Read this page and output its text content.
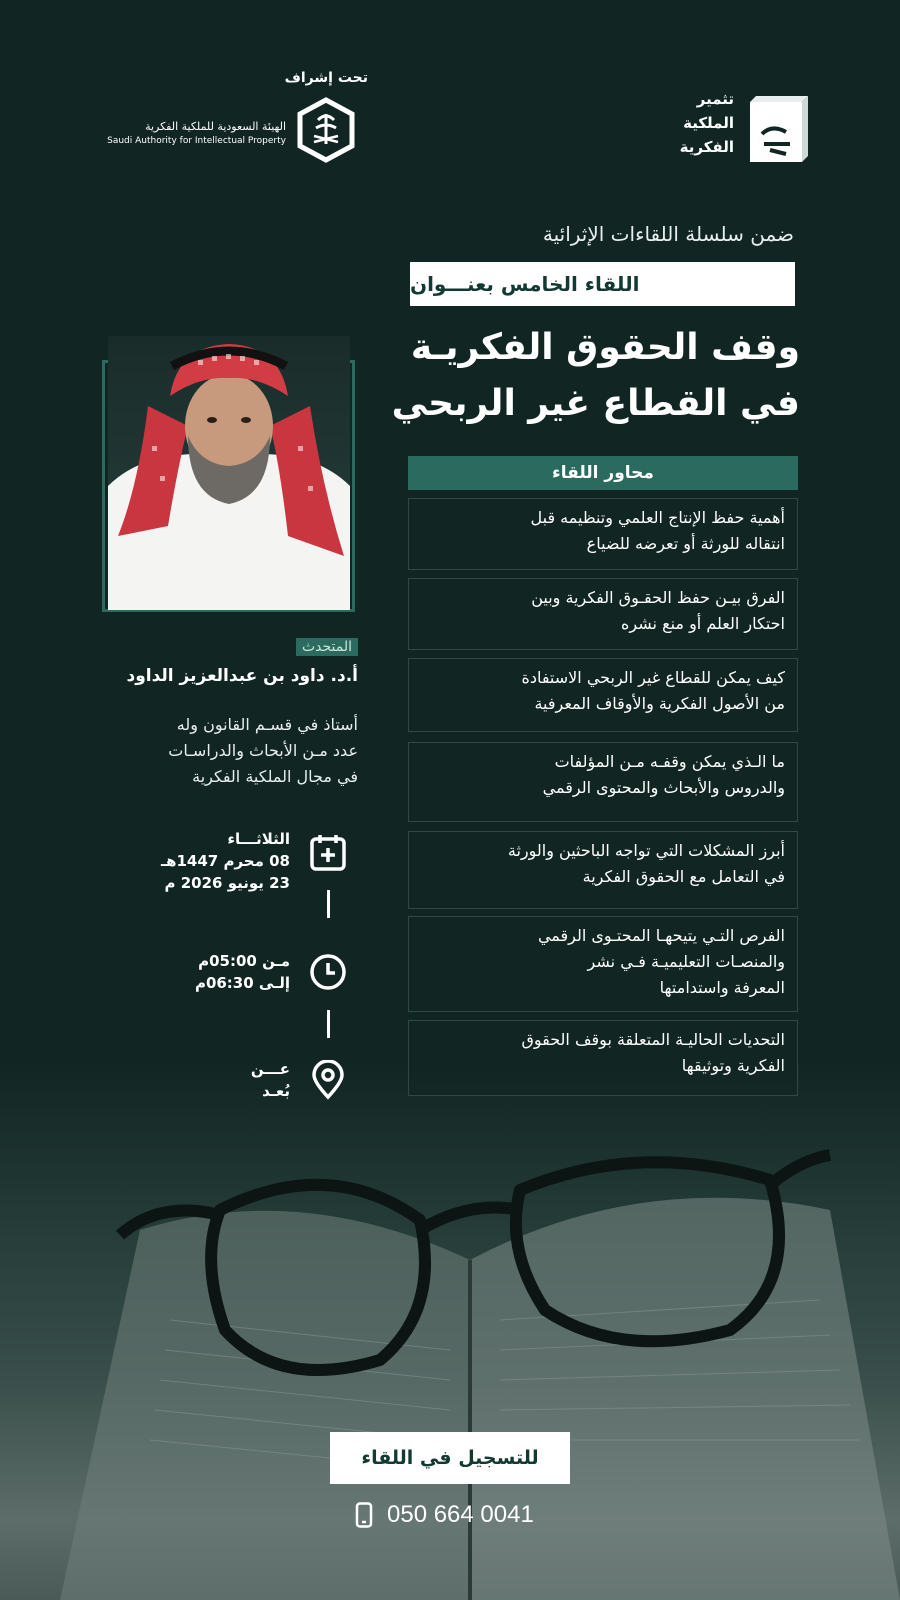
تحت إشراف
الهيئة السعودية للملكية الفكرية
Saudi Authority for Intellectual Property
تثمير
الملكية
الفكرية
ضمن سلسلة اللقاءات الإثرائية
اللقاء الخامس بعنـــوان
وقف الحقوق الفكريـة
في القطاع غير الربحي
المتحدث
أ.د. داود بن عبدالعزيز الداود
أستاذ في قسـم القانون وله
عدد مـن الأبحاث والدراسـات
في مجال الملكية الفكرية
الثلاثـــاء
08 محرم 1447هـ
23 يونيو 2026 م
مـن 05:00م
إلـى 06:30م
عـــن
بُعـد
محاور اللقاء
أهمية حفظ الإنتاج العلمي وتنظيمه قبل
انتقاله للورثة أو تعرضه للضياع
الفرق بيـن حفظ الحقـوق الفكرية وبين
احتكار العلم أو منع نشره
كيف يمكن للقطاع غير الربحي الاستفادة
من الأصول الفكرية والأوقاف المعرفية
ما الـذي يمكن وقفـه مـن المؤلفات
والدروس والأبحاث والمحتوى الرقمي
أبرز المشكلات التي تواجه الباحثين والورثة
في التعامل مع الحقوق الفكرية
الفرص التـي يتيحهـا المحتـوى الرقمي
والمنصـات التعليميـة فـي نشر
المعرفة واستدامتها
التحديات الحاليـة المتعلقة بوقف الحقوق
الفكرية وتوثيقها
للتسجيل في اللقاء
050 664 0041
